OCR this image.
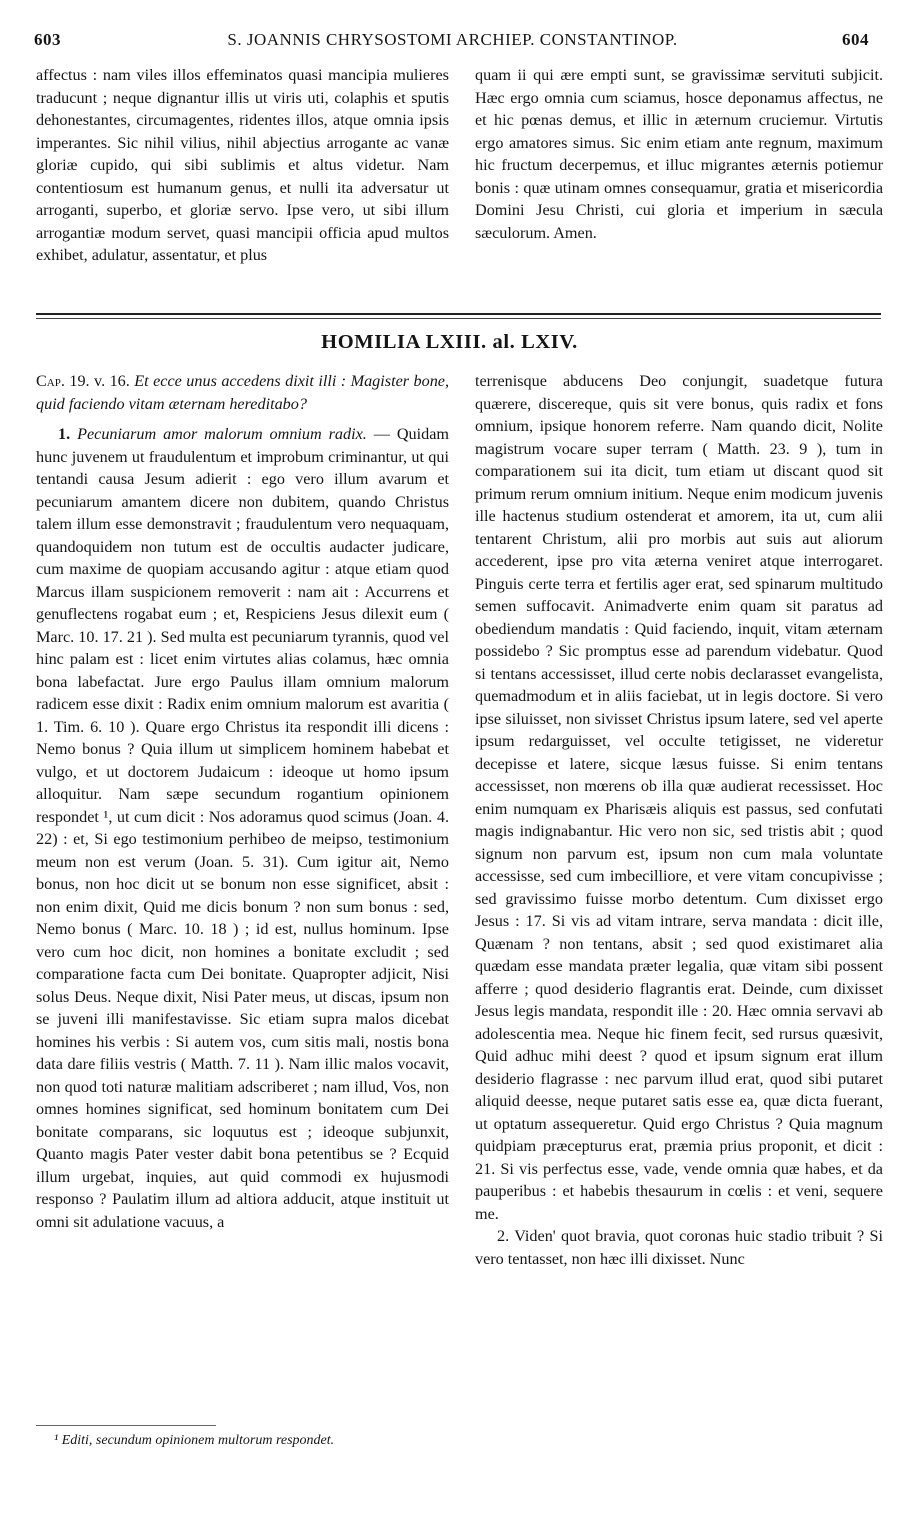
603	S. JOANNIS CHRYSOSTOMI ARCHIEP. CONSTANTINOP.	604

affectus : nam viles illos effeminatos quasi mancipia mulieres traducunt ; neque dignantur illis ut viris uti, colaphis et sputis dehonestantes, circumagentes, ridentes illos, atque omnia ipsis imperantes. Sic nihil vilius, nihil abjectius arrogante ac vanæ gloriæ cupido, qui sibi sublimis et altus videtur. Nam contentiosum est humanum genus, et nulli ita adversatur ut arroganti, superbo, et gloriæ servo. Ipse vero, ut sibi illum arrogantiæ modum servet, quasi mancipii officia apud multos exhibet, adulatur, assentatur, et plus

quam ii qui ære empti sunt, se gravissimæ servituti subjicit. Hæc ergo omnia cum sciamus, hosce deponamus affectus, ne et hic pœnas demus, et illic in æternum cruciemur. Virtutis ergo amatores simus. Sic enim etiam ante regnum, maximum hic fructum decerpemus, et illuc migrantes æternis potiemur bonis : quæ utinam omnes consequamur, gratia et misericordia Domini Jesu Christi, cui gloria et imperium in sæcula sæculorum. Amen.

HOMILIA LXIII. al. LXIV.

Cap. 19. v. 16. Et ecce unus accedens dixit illi : Magister bone, quid faciendo vitam æternam hereditabo?

1. Pecuniarum amor malorum omnium radix. — Quidam hunc juvenem ut fraudulentum et improbum criminantur, ut qui tentandi causa Jesum adierit : ego vero illum avarum et pecuniarum amantem dicere non dubitem, quando Christus talem illum esse demonstravit ; fraudulentum vero nequaquam, quandoquidem non tutum est de occultis audacter judicare, cum maxime de quopiam accusando agitur : atque etiam quod Marcus illam suspicionem removerit : nam ait : Accurrens et genuflectens rogabat eum ; et, Respiciens Jesus dilexit eum ( Marc. 10. 17. 21 ). Sed multa est pecuniarum tyrannis, quod vel hinc palam est : licet enim virtutes alias colamus, hæc omnia bona labefactat. Jure ergo Paulus illam omnium malorum radicem esse dixit : Radix enim omnium malorum est avaritia ( 1. Tim. 6. 10 ). Quare ergo Christus ita respondit illi dicens : Nemo bonus ? Quia illum ut simplicem hominem habebat et vulgo, et ut doctorem Judaicum : ideoque ut homo ipsum alloquitur. Nam sæpe secundum rogantium opinionem respondet ¹, ut cum dicit : Nos adoramus quod scimus (Joan. 4. 22) : et, Si ego testimonium perhibeo de meipso, testimonium meum non est verum (Joan. 5. 31). Cum igitur ait, Nemo bonus, non hoc dicit ut se bonum non esse significet, absit : non enim dixit, Quid me dicis bonum ? non sum bonus : sed, Nemo bonus ( Marc. 10. 18 ) ; id est, nullus hominum. Ipse vero cum hoc dicit, non homines a bonitate excludit ; sed comparatione facta cum Dei bonitate. Quapropter adjicit, Nisi solus Deus. Neque dixit, Nisi Pater meus, ut discas, ipsum non se juveni illi manifestavisse. Sic etiam supra malos dicebat homines his verbis : Si autem vos, cum sitis mali, nostis bona data dare filiis vestris ( Matth. 7. 11 ). Nam illic malos vocavit, non quod toti naturæ malitiam adscriberet ; nam illud, Vos, non omnes homines significat, sed hominum bonitatem cum Dei bonitate comparans, sic loquutus est ; ideoque subjunxit, Quanto magis Pater vester dabit bona petentibus se ? Ecquid illum urgebat, inquies, aut quid commodi ex hujusmodi responso ? Paulatim illum ad altiora adducit, atque instituit ut omni sit adulatione vacuus, a

¹ Editi, secundum opinionem multorum respondet.

terrenisque abducens Deo conjungit, suadetque futura quærere, discereque, quis sit vere bonus, quis radix et fons omnium, ipsique honorem referre. Nam quando dicit, Nolite magistrum vocare super terram ( Matth. 23. 9 ), tum in comparationem sui ita dicit, tum etiam ut discant quod sit primum rerum omnium initium. Neque enim modicum juvenis ille hactenus studium ostenderat et amorem, ita ut, cum alii tentarent Christum, alii pro morbis aut suis aut aliorum accederent, ipse pro vita æterna veniret atque interrogaret. Pinguis certe terra et fertilis ager erat, sed spinarum multitudo semen suffocavit. Animadverte enim quam sit paratus ad obediendum mandatis : Quid faciendo, inquit, vitam æternam possidebo ? Sic promptus esse ad parendum videbatur. Quod si tentans accessisset, illud certe nobis declarasset evangelista, quemadmodum et in aliis faciebat, ut in legis doctore. Si vero ipse siluisset, non sivisset Christus ipsum latere, sed vel aperte ipsum redarguisset, vel occulte tetigisset, ne videretur decepisse et latere, sicque læsus fuisse. Si enim tentans accessisset, non mœrens ob illa quæ audierat recessisset. Hoc enim numquam ex Pharisæis aliquis est passus, sed confutati magis indignabantur. Hic vero non sic, sed tristis abit ; quod signum non parvum est, ipsum non cum mala voluntate accessisse, sed cum imbecilliore, et vere vitam concupivisse ; sed gravissimo fuisse morbo detentum. Cum dixisset ergo Jesus : 17. Si vis ad vitam intrare, serva mandata : dicit ille, Quænam ? non tentans, absit ; sed quod existimaret alia quædam esse mandata præter legalia, quæ vitam sibi possent afferre ; quod desiderio flagrantis erat. Deinde, cum dixisset Jesus legis mandata, respondit ille : 20. Hæc omnia servavi ab adolescentia mea. Neque hic finem fecit, sed rursus quæsivit, Quid adhuc mihi deest ? quod et ipsum signum erat illum desiderio flagrasse : nec parvum illud erat, quod sibi putaret aliquid deesse, neque putaret satis esse ea, quæ dicta fuerant, ut optatum assequeretur. Quid ergo Christus ? Quia magnum quidpiam præcepturus erat, præmia prius proponit, et dicit : 21. Si vis perfectus esse, vade, vende omnia quæ habes, et da pauperibus : et habebis thesaurum in cœlis : et veni, sequere me.

2. Viden' quot bravia, quot coronas huic stadio tribuit ? Si vero tentasset, non hæc illi dixisset. Nunc
